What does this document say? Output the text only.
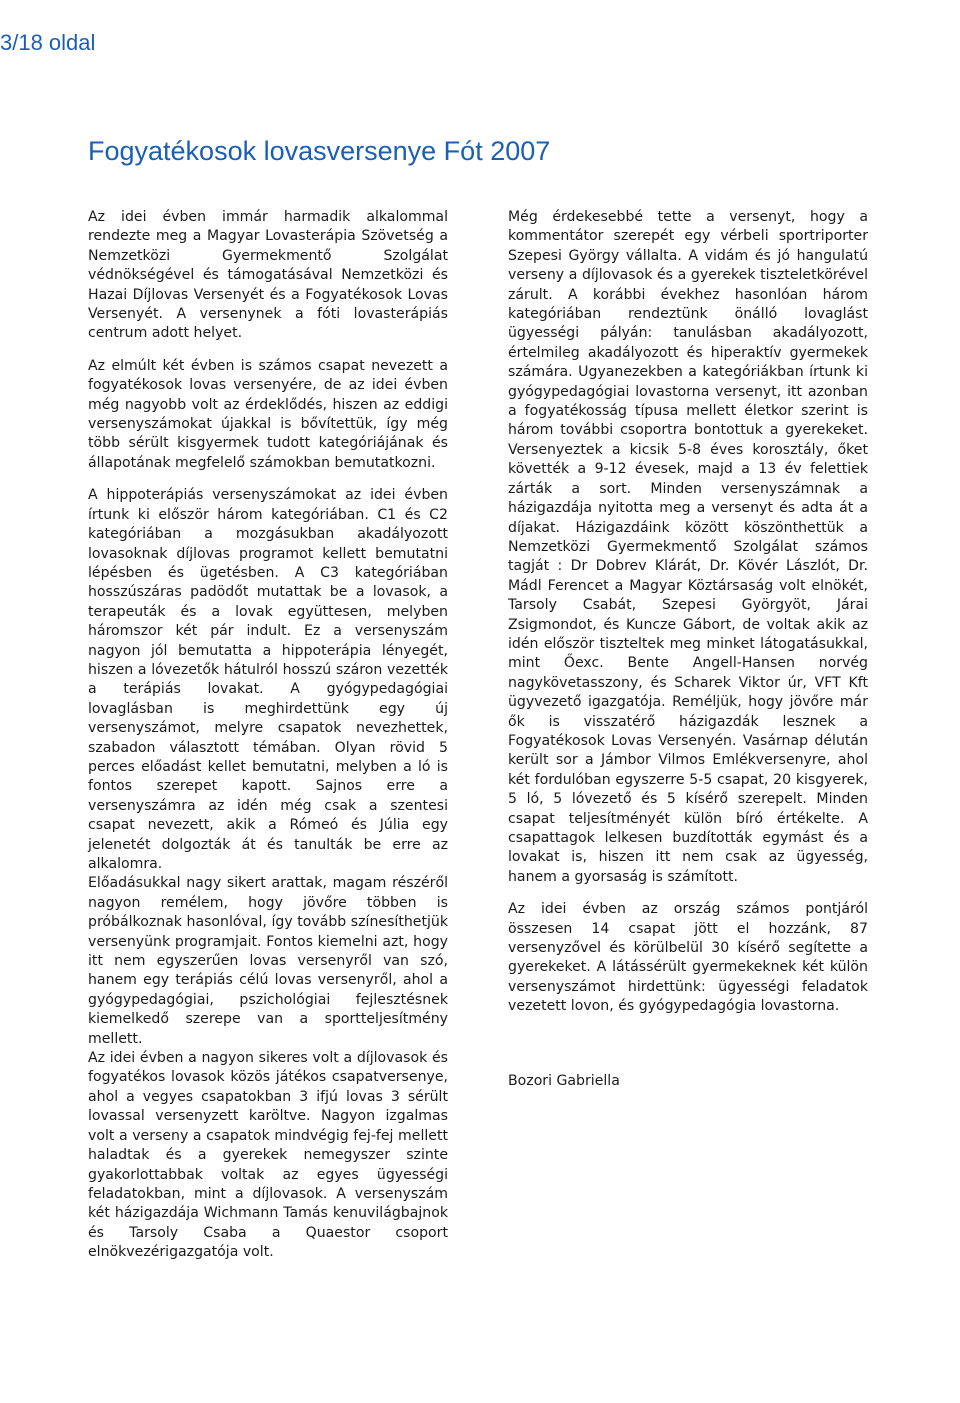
3/18 oldal
Fogyatékosok lovasversenye Fót 2007

Az idei évben immár harmadik alkalommal rendezte meg a Magyar Lovasterápia Szövetség a Nemzetközi Gyermekmentő Szolgálat védnökségével és támogatásával Nemzetközi és Hazai Díjlovas Versenyét és a Fogyatékosok Lovas Versenyét. A versenynek a fóti lovasterápiás centrum adott helyet.

Az elmúlt két évben is számos csapat nevezett a fogyatékosok lovas versenyére, de az idei évben még nagyobb volt az érdeklődés, hiszen az eddigi versenyszámokat újakkal is bővítettük, így még több sérült kisgyermek tudott kategóriájának és állapotának megfelelő számokban bemutatkozni.

A hippoterápiás versenyszámokat az idei évben írtunk ki először három kategóriában. C1 és C2 kategóriában a mozgásukban akadályozott lovasoknak díjlovas programot kellett bemutatni lépésben és ügetésben. A C3 kategóriában hosszúszáras padödőt mutattak be a lovasok, a terapeuták és a lovak együttesen, melyben háromszor két pár indult. Ez a versenyszám nagyon jól bemutatta a hippoterápia lényegét, hiszen a lóvezetők hátulról hosszú száron vezették a terápiás lovakat. A gyógypedagógiai lovaglásban is meghirdettünk egy új versenyszámot, melyre csapatok nevezhettek, szabadon választott témában. Olyan rövid 5 perces előadást kellet bemutatni, melyben a ló is fontos szerepet kapott. Sajnos erre a versenyszámra az idén még csak a szentesi csapat nevezett, akik a Rómeó és Júlia egy jelenetét dolgozták át és tanulták be erre az alkalomra.

Előadásukkal nagy sikert arattak, magam részéről nagyon remélem, hogy jövőre többen is próbálkoznak hasonlóval, így tovább színesíthetjük versenyünk programjait. Fontos kiemelni azt, hogy itt nem egyszerűen lovas versenyről van szó, hanem egy terápiás célú lovas versenyről, ahol a gyógypedagógiai, pszichológiai fejlesztésnek kiemelkedő szerepe van a sportteljesítmény mellett.

Az idei évben a nagyon sikeres volt a díjlovasok és fogyatékos lovasok közös játékos csapatversenye, ahol a vegyes csapatokban 3 ifjú lovas 3 sérült lovassal versenyzett karöltve. Nagyon izgalmas volt a verseny a csapatok mindvégig fej-fej mellett haladtak és a gyerekek nemegyszer szinte gyakorlottabbak voltak az egyes ügyességi feladatokban, mint a díjlovasok. A versenyszám két házigazdája Wichmann Tamás kenuvilágbajnok és Tarsoly Csaba a Quaestor csoport elnökvezérigazgatója volt.

Még érdekesebbé tette a versenyt, hogy a kommentátor szerepét egy vérbeli sportriporter Szepesi György vállalta. A vidám és jó hangulatú verseny a díjlovasok és a gyerekek tiszteletkörével zárult. A korábbi évekhez hasonlóan három kategóriában rendeztünk önálló lovaglást ügyességi pályán: tanulásban akadályozott, értelmileg akadályozott és hiperaktív gyermekek számára. Ugyanezekben a kategóriákban írtunk ki gyógypedagógiai lovastorna versenyt, itt azonban a fogyatékosság típusa mellett életkor szerint is három további csoportra bontottuk a gyerekeket. Versenyeztek a kicsik 5-8 éves korosztály, őket követték a 9-12 évesek, majd a 13 év felettiek zárták a sort. Minden versenyszámnak a házigazdája nyitotta meg a versenyt és adta át a díjakat. Házigazdáink között köszönthettük a Nemzetközi Gyermekmentő Szolgálat számos tagját : Dr Dobrev Klárát, Dr. Kövér Lászlót, Dr. Mádl Ferencet a Magyar Köztársaság volt elnökét, Tarsoly Csabát, Szepesi Györgyöt, Járai Zsigmondot, és Kuncze Gábort, de voltak akik az idén először tiszteltek meg minket látogatásukkal, mint Őexc. Bente Angell-Hansen norvég nagykövetasszony, és Scharek Viktor úr, VFT Kft ügyvezető igazgatója. Reméljük, hogy jövőre már ők is visszatérő házigazdák lesznek a Fogyatékosok Lovas Versenyén. Vasárnap délután került sor a Jámbor Vilmos Emlékversenyre, ahol két fordulóban egyszerre 5-5 csapat, 20 kisgyerek, 5 ló, 5 lóvezető és 5 kísérő szerepelt. Minden csapat teljesítményét külön bíró értékelte. A csapattagok lelkesen buzdították egymást és a lovakat is, hiszen itt nem csak az ügyesség, hanem a gyorsaság is számított.

Az idei évben az ország számos pontjáról összesen 14 csapat jött el hozzánk, 87 versenyzővel és körülbelül 30 kísérő segítette a gyerekeket. A látássérült gyermekeknek két külön versenyszámot hirdettünk: ügyességi feladatok vezetett lovon, és gyógypedagógia lovastorna.

Bozori Gabriella
